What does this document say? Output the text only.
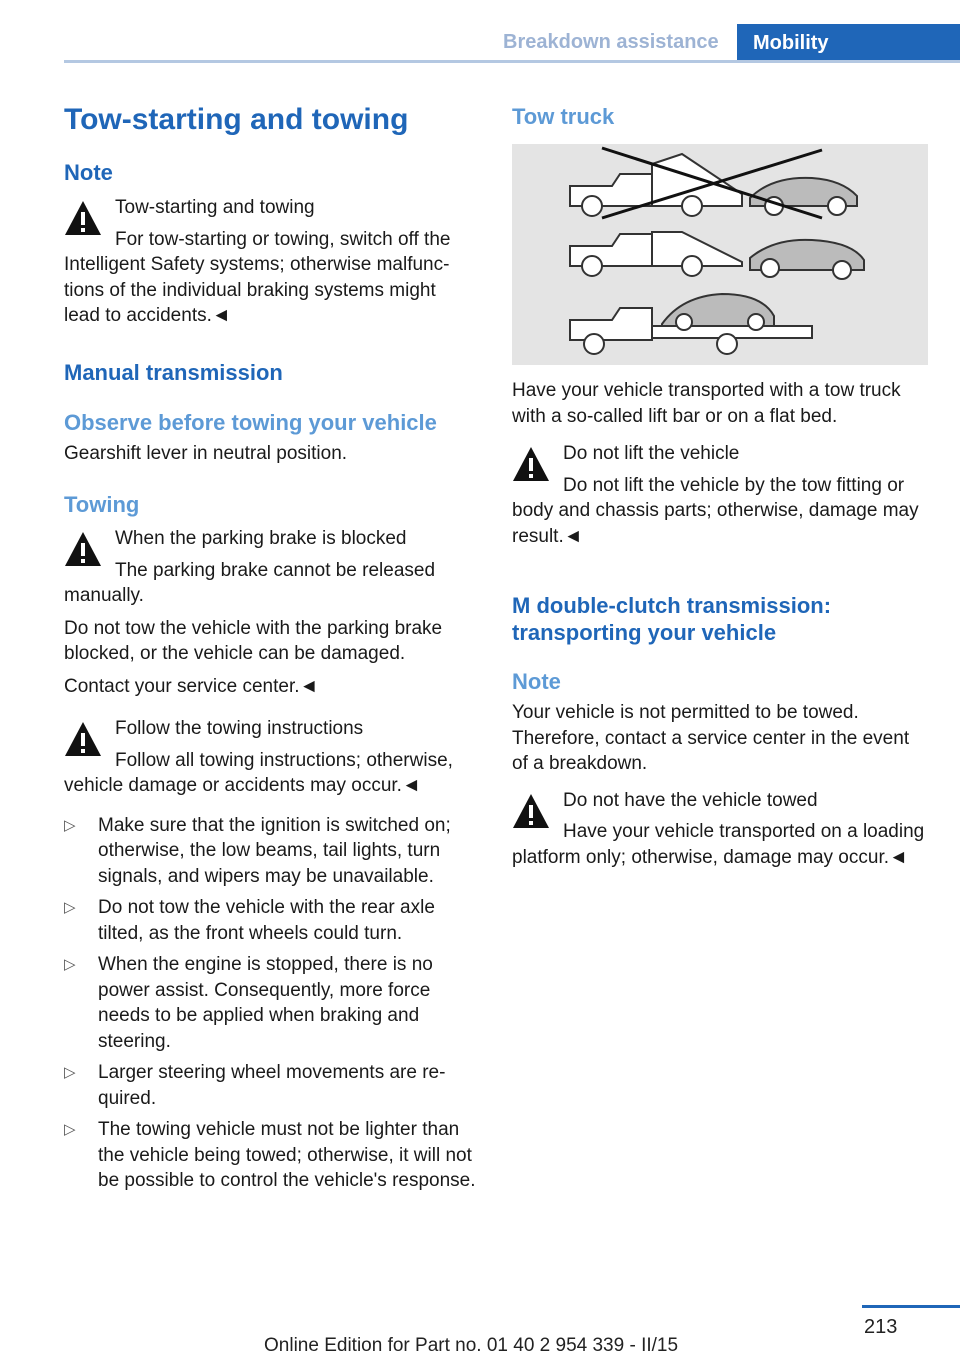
Breakdown assistance Mobility
Tow-starting and towing
Note
Tow-starting and towing
For tow-starting or towing, switch off the Intelligent Safety systems; otherwise malfunctions of the individual braking systems might lead to accidents.◄
Manual transmission
Observe before towing your vehicle

Gearshift lever in neutral position.

Towing
When the parking brake is blocked
The parking brake cannot be released manually.

Do not tow the vehicle with the parking brake blocked, or the vehicle can be damaged.

Contact your service center.◄

Follow the towing instructions
Follow all towing instructions; otherwise, vehicle damage or accidents may occur.◄
▷ Make sure that the ignition is switched on; otherwise, the low beams, tail lights, turn signals, and wipers may be unavailable.
▷ Do not tow the vehicle with the rear axle tilted, as the front wheels could turn.
▷ When the engine is stopped, there is no power assist. Consequently, more force needs to be applied when braking and steering.
▷ Larger steering wheel movements are required.
▷ The towing vehicle must not be lighter than the vehicle being towed; otherwise, it will not be possible to control the vehicle's response.
Tow truck

Have your vehicle transported with a tow truck with a so-called lift bar or on a flat bed.

Do not lift the vehicle
Do not lift the vehicle by the tow fitting or body and chassis parts; otherwise, damage may result.◄
M double-clutch transmission: transporting your vehicle
Note

Your vehicle is not permitted to be towed. Therefore, contact a service center in the event of a breakdown.

Do not have the vehicle towed
Have your vehicle transported on a loading platform only; otherwise, damage may occur.◄
213
Online Edition for Part no. 01 40 2 954 339 - II/15
